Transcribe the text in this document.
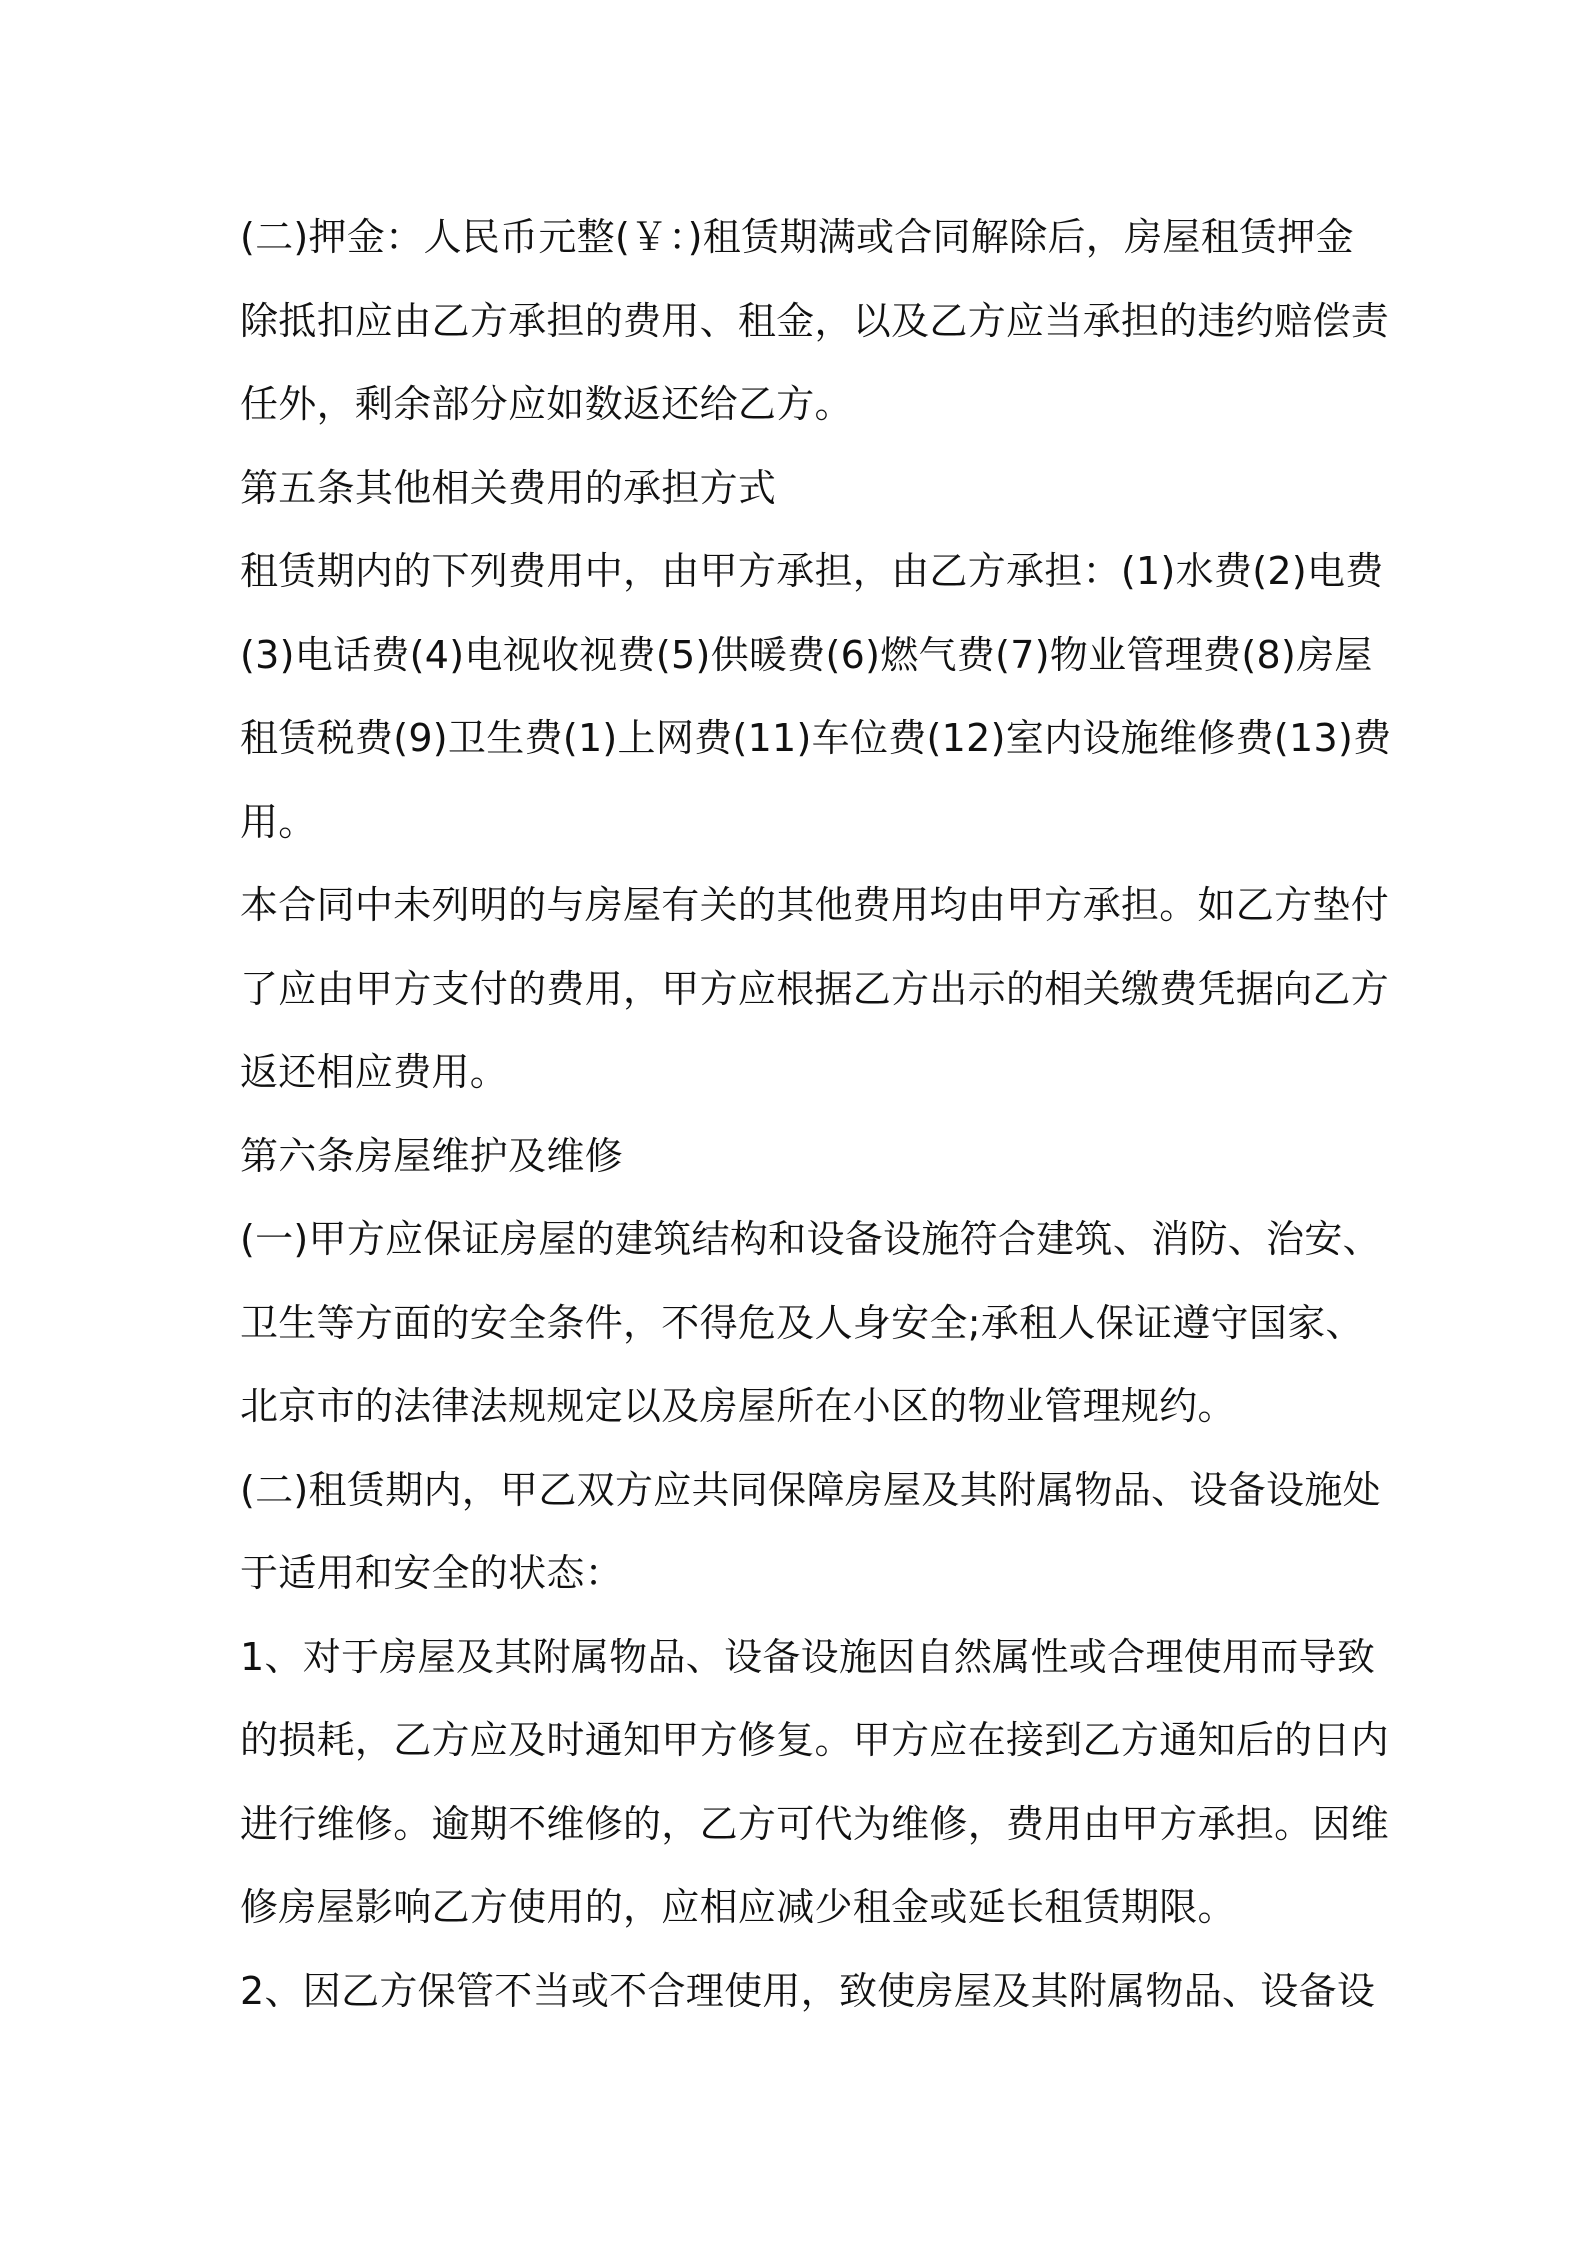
(二)押金：人民币元整(￥：)租赁期满或合同解除后，房屋租赁押金
除抵扣应由乙方承担的费用、租金，以及乙方应当承担的违约赔偿责
任外，剩余部分应如数返还给乙方。
第五条其他相关费用的承担方式
租赁期内的下列费用中，由甲方承担，由乙方承担：(1)水费(2)电费
(3)电话费(4)电视收视费(5)供暖费(6)燃气费(7)物业管理费(8)房屋
租赁税费(9)卫生费(1)上网费(11)车位费(12)室内设施维修费(13)费
用。
本合同中未列明的与房屋有关的其他费用均由甲方承担。如乙方垫付
了应由甲方支付的费用，甲方应根据乙方出示的相关缴费凭据向乙方
返还相应费用。
第六条房屋维护及维修
(一)甲方应保证房屋的建筑结构和设备设施符合建筑、消防、治安、
卫生等方面的安全条件，不得危及人身安全;承租人保证遵守国家、
北京市的法律法规规定以及房屋所在小区的物业管理规约。
(二)租赁期内，甲乙双方应共同保障房屋及其附属物品、设备设施处
于适用和安全的状态：
1、对于房屋及其附属物品、设备设施因自然属性或合理使用而导致
的损耗，乙方应及时通知甲方修复。甲方应在接到乙方通知后的日内
进行维修。逾期不维修的，乙方可代为维修，费用由甲方承担。因维
修房屋影响乙方使用的，应相应减少租金或延长租赁期限。
2、因乙方保管不当或不合理使用，致使房屋及其附属物品、设备设
